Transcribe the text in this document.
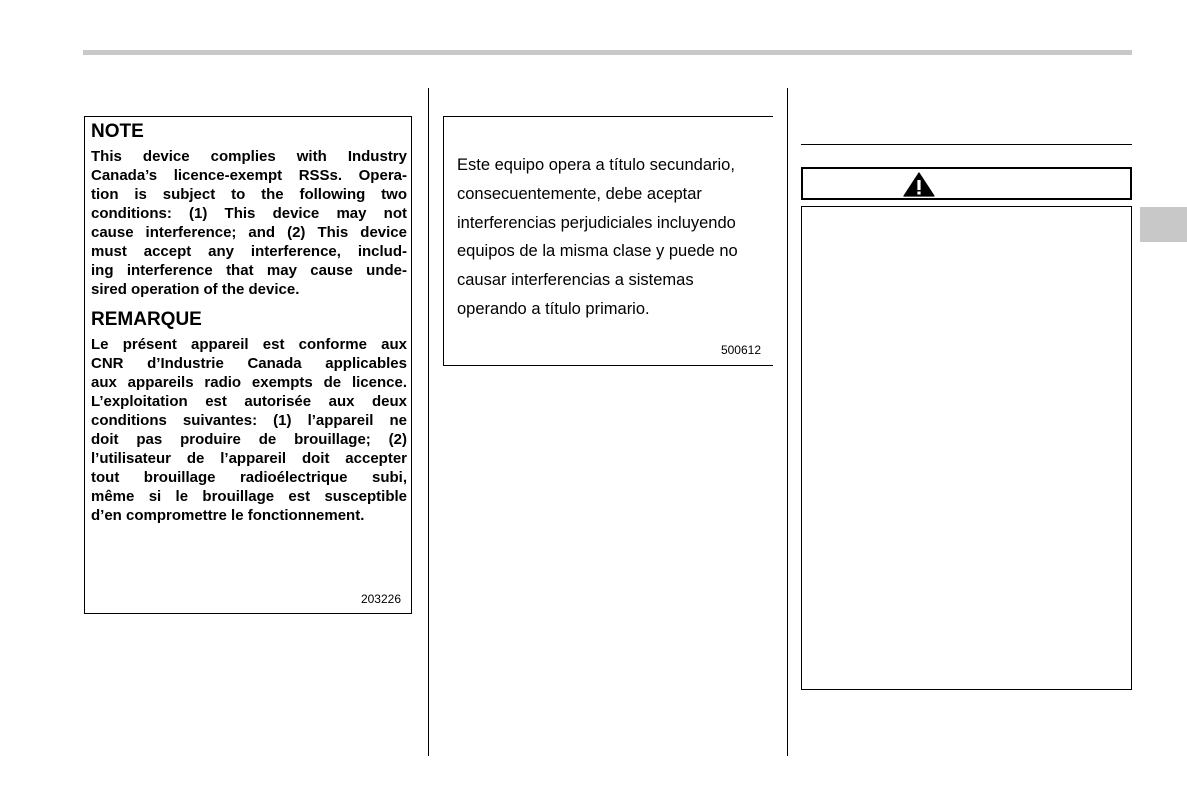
NOTE
This device complies with Industry
Canada’s licence-exempt RSSs. Opera-
tion is subject to the following two
conditions: (1) This device may not
cause interference; and (2) This device
must accept any interference, includ-
ing interference that may cause unde-
sired operation of the device.
REMARQUE
Le présent appareil est conforme aux
CNR d’Industrie Canada applicables
aux appareils radio exempts de licence.
L’exploitation est autorisée aux deux
conditions suivantes: (1) l’appareil ne
doit pas produire de brouillage; (2)
l’utilisateur de l’appareil doit accepter
tout brouillage radioélectrique subi,
même si le brouillage est susceptible
d’en compromettre le fonctionnement.
203226
Este equipo opera a título secundario,
consecuentemente, debe aceptar
interferencias perjudiciales incluyendo
equipos de la misma clase y puede no
causar interferencias a sistemas
operando a título primario.
500612
